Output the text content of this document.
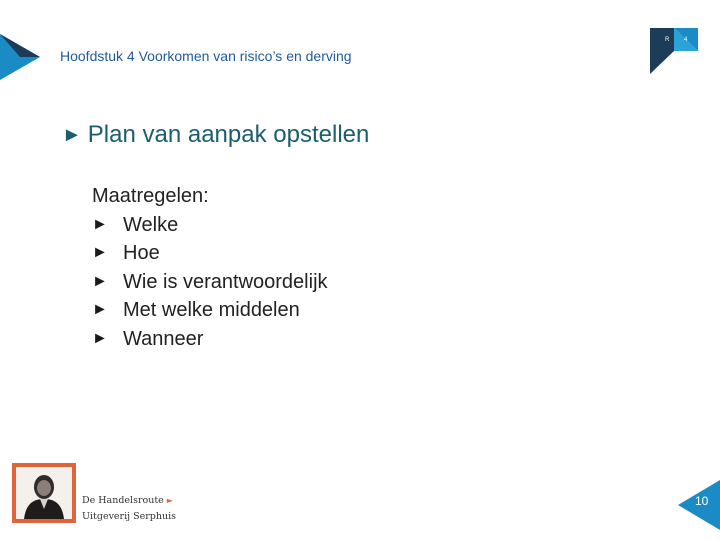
Hoofdstuk 4 Voorkomen van risico’s en derving
R 4
► Plan van aanpak opstellen
Maatregelen:
► Welke
► Hoe
► Wie is verantwoordelijk
► Met welke middelen
► Wanneer
De Handelsroute ►
Uitgeverij Serphuis
10
